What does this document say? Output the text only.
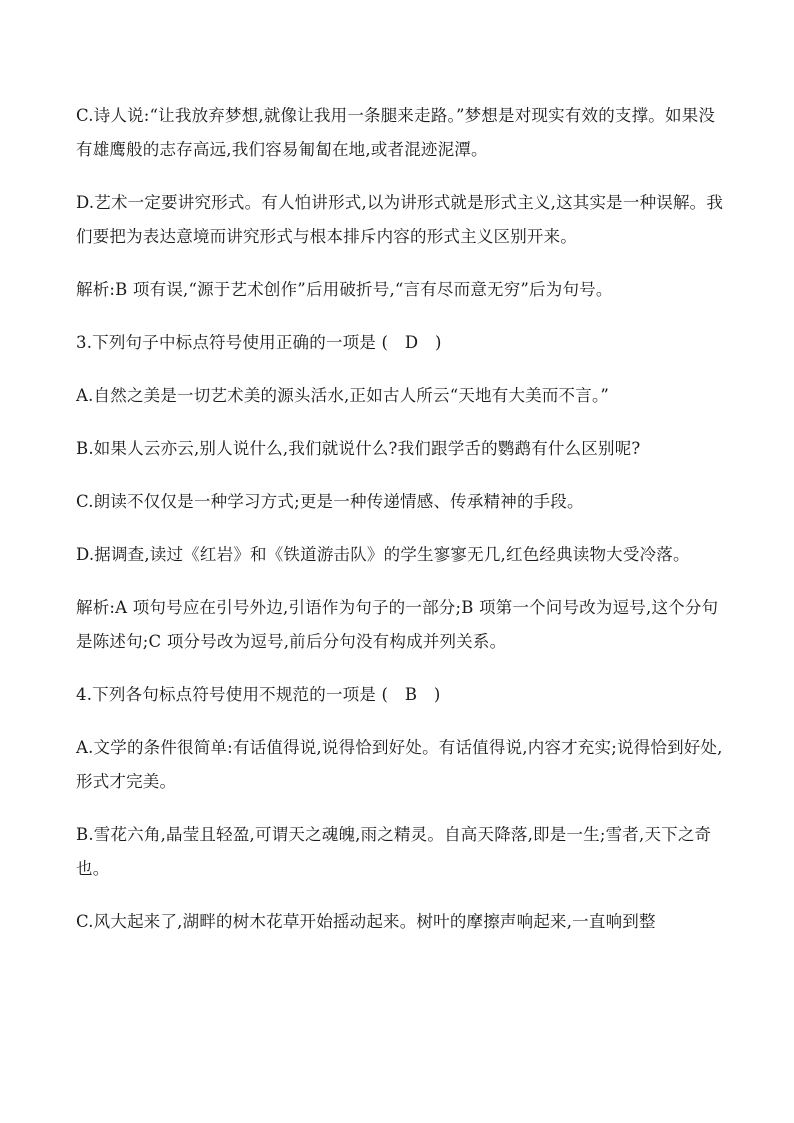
C.诗人说:“让我放弃梦想,就像让我用一条腿来走路。”梦想是对现实有效的支撑。如果没有雄鹰般的志存高远,我们容易匍匐在地,或者混迹泥潭。

D.艺术一定要讲究形式。有人怕讲形式,以为讲形式就是形式主义,这其实是一种误解。我们要把为表达意境而讲究形式与根本排斥内容的形式主义区别开来。

解析:B 项有误,“源于艺术创作”后用破折号,“言有尽而意无穷”后为句号。

3.下列句子中标点符号使用正确的一项是 (　D　)

A.自然之美是一切艺术美的源头活水,正如古人所云“天地有大美而不言。”

B.如果人云亦云,别人说什么,我们就说什么?我们跟学舌的鹦鹉有什么区别呢?

C.朗读不仅仅是一种学习方式;更是一种传递情感、传承精神的手段。

D.据调查,读过《红岩》和《铁道游击队》的学生寥寥无几,红色经典读物大受冷落。

解析:A 项句号应在引号外边,引语作为句子的一部分;B 项第一个问号改为逗号,这个分句是陈述句;C 项分号改为逗号,前后分句没有构成并列关系。

4.下列各句标点符号使用不规范的一项是 (　B　)

A.文学的条件很简单:有话值得说,说得恰到好处。有话值得说,内容才充实;说得恰到好处,形式才完美。

B.雪花六角,晶莹且轻盈,可谓天之魂魄,雨之精灵。自高天降落,即是一生;雪者,天下之奇也。

C.风大起来了,湖畔的树木花草开始摇动起来。树叶的摩擦声响起来,一直响到整
